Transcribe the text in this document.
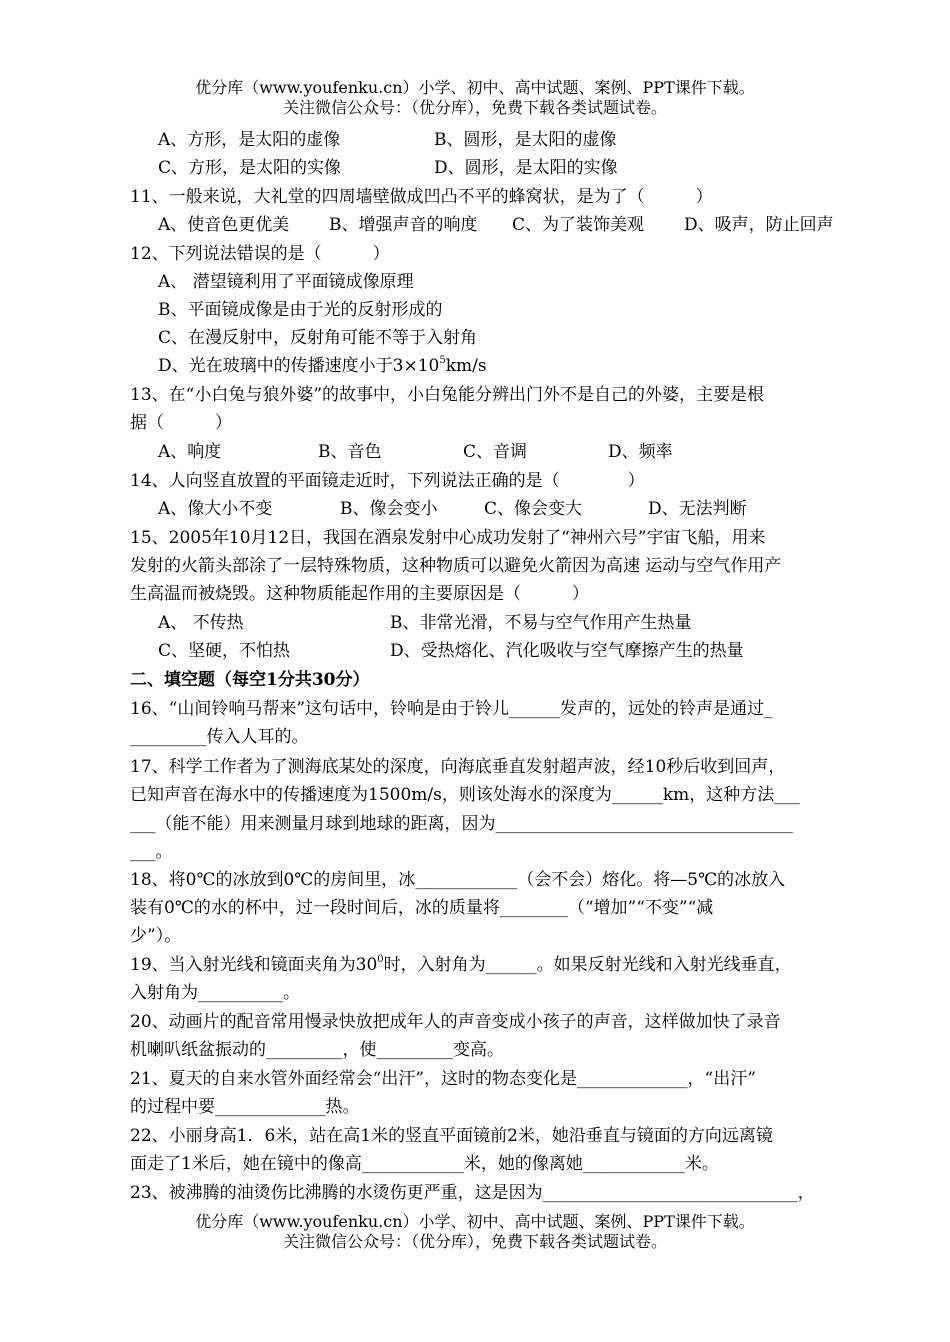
优分库（www.youfenku.cn）小学、初中、高中试题、案例、PPT课件下载。
关注微信公众号：（优分库），免费下载各类试题试卷。
A、方形，是太阳的虚像	B、圆形，是太阳的虚像
C、方形，是太阳的实像	D、圆形，是太阳的实像
11、一般来说，大礼堂的四周墙壁做成凹凸不平的蜂窝状，是为了（　　　）
A、使音色更优美 B、增强声音的响度 C、为了装饰美观 D、吸声，防止回声
12、下列说法错误的是（　　　）
A、 潜望镜利用了平面镜成像原理
B、平面镜成像是由于光的反射形成的
C、在漫反射中，反射角可能不等于入射角
D、光在玻璃中的传播速度小于$3\times 10^5km/s$
13、在“小白兔与狼外婆”的故事中，小白兔能分辨出门外不是自己的外婆，主要是根
据（　　　）
A、响度	B、音色	C、音调	D、频率
14、人向竖直放置的平面镜走近时，下列说法正确的是（　　　　）
A、像大小不变	B、像会变小	C、像会变大	D、无法判断
15、2005年10月12日，我国在酒泉发射中心成功发射了“神州六号”宇宙飞船，用来
发射的火箭头部涂了一层特殊物质，这种物质可以避免火箭因为高速 运动与空气作用产
生高温而被烧毁。这种物质能起作用的主要原因是（　　　）
A、 不传热	B、非常光滑，不易与空气作用产生热量
C、坚硬，不怕热	D、受热熔化、汽化吸收与空气摩擦产生的热量
二、填空题（每空1分共30分）
16、“山间铃响马帮来”这句话中，铃响是由于铃儿______发声的，远处的铃声是通过_
_________传入人耳的。
17、科学工作者为了测海底某处的深度，向海底垂直发射超声波，经10秒后收到回声，
已知声音在海水中的传播速度为1500m/s，则该处海水的深度为______km，这种方法___
___（能不能）用来测量月球到地球的距离，因为___________________________________
___。
18、将0℃的冰放到0℃的房间里，冰____________（会不会）熔化。将—5℃的冰放入
装有0℃的水的杯中，过一段时间后，冰的质量将________（“增加”“不变”“减
少”）。
19、当入射光线和镜面夹角为$30^0$时，入射角为______。如果反射光线和入射光线垂直，
入射角为__________。
20、动画片的配音常用慢录快放把成年人的声音变成小孩子的声音，这样做加快了录音
机喇叭纸盆振动的_________，使_________变高。
21、夏天的自来水管外面经常会“出汗”，这时的物态变化是_____________，“出汗”
的过程中要_____________热。
22、小丽身高1．6米，站在高1米的竖直平面镜前2米，她沿垂直与镜面的方向远离镜
面走了1米后，她在镜中的像高____________米，她的像离她____________米。
23、被沸腾的油烫伤比沸腾的水烫伤更严重，这是因为______________________________，
优分库（www.youfenku.cn）小学、初中、高中试题、案例、PPT课件下载。
关注微信公众号：（优分库），免费下载各类试题试卷。
